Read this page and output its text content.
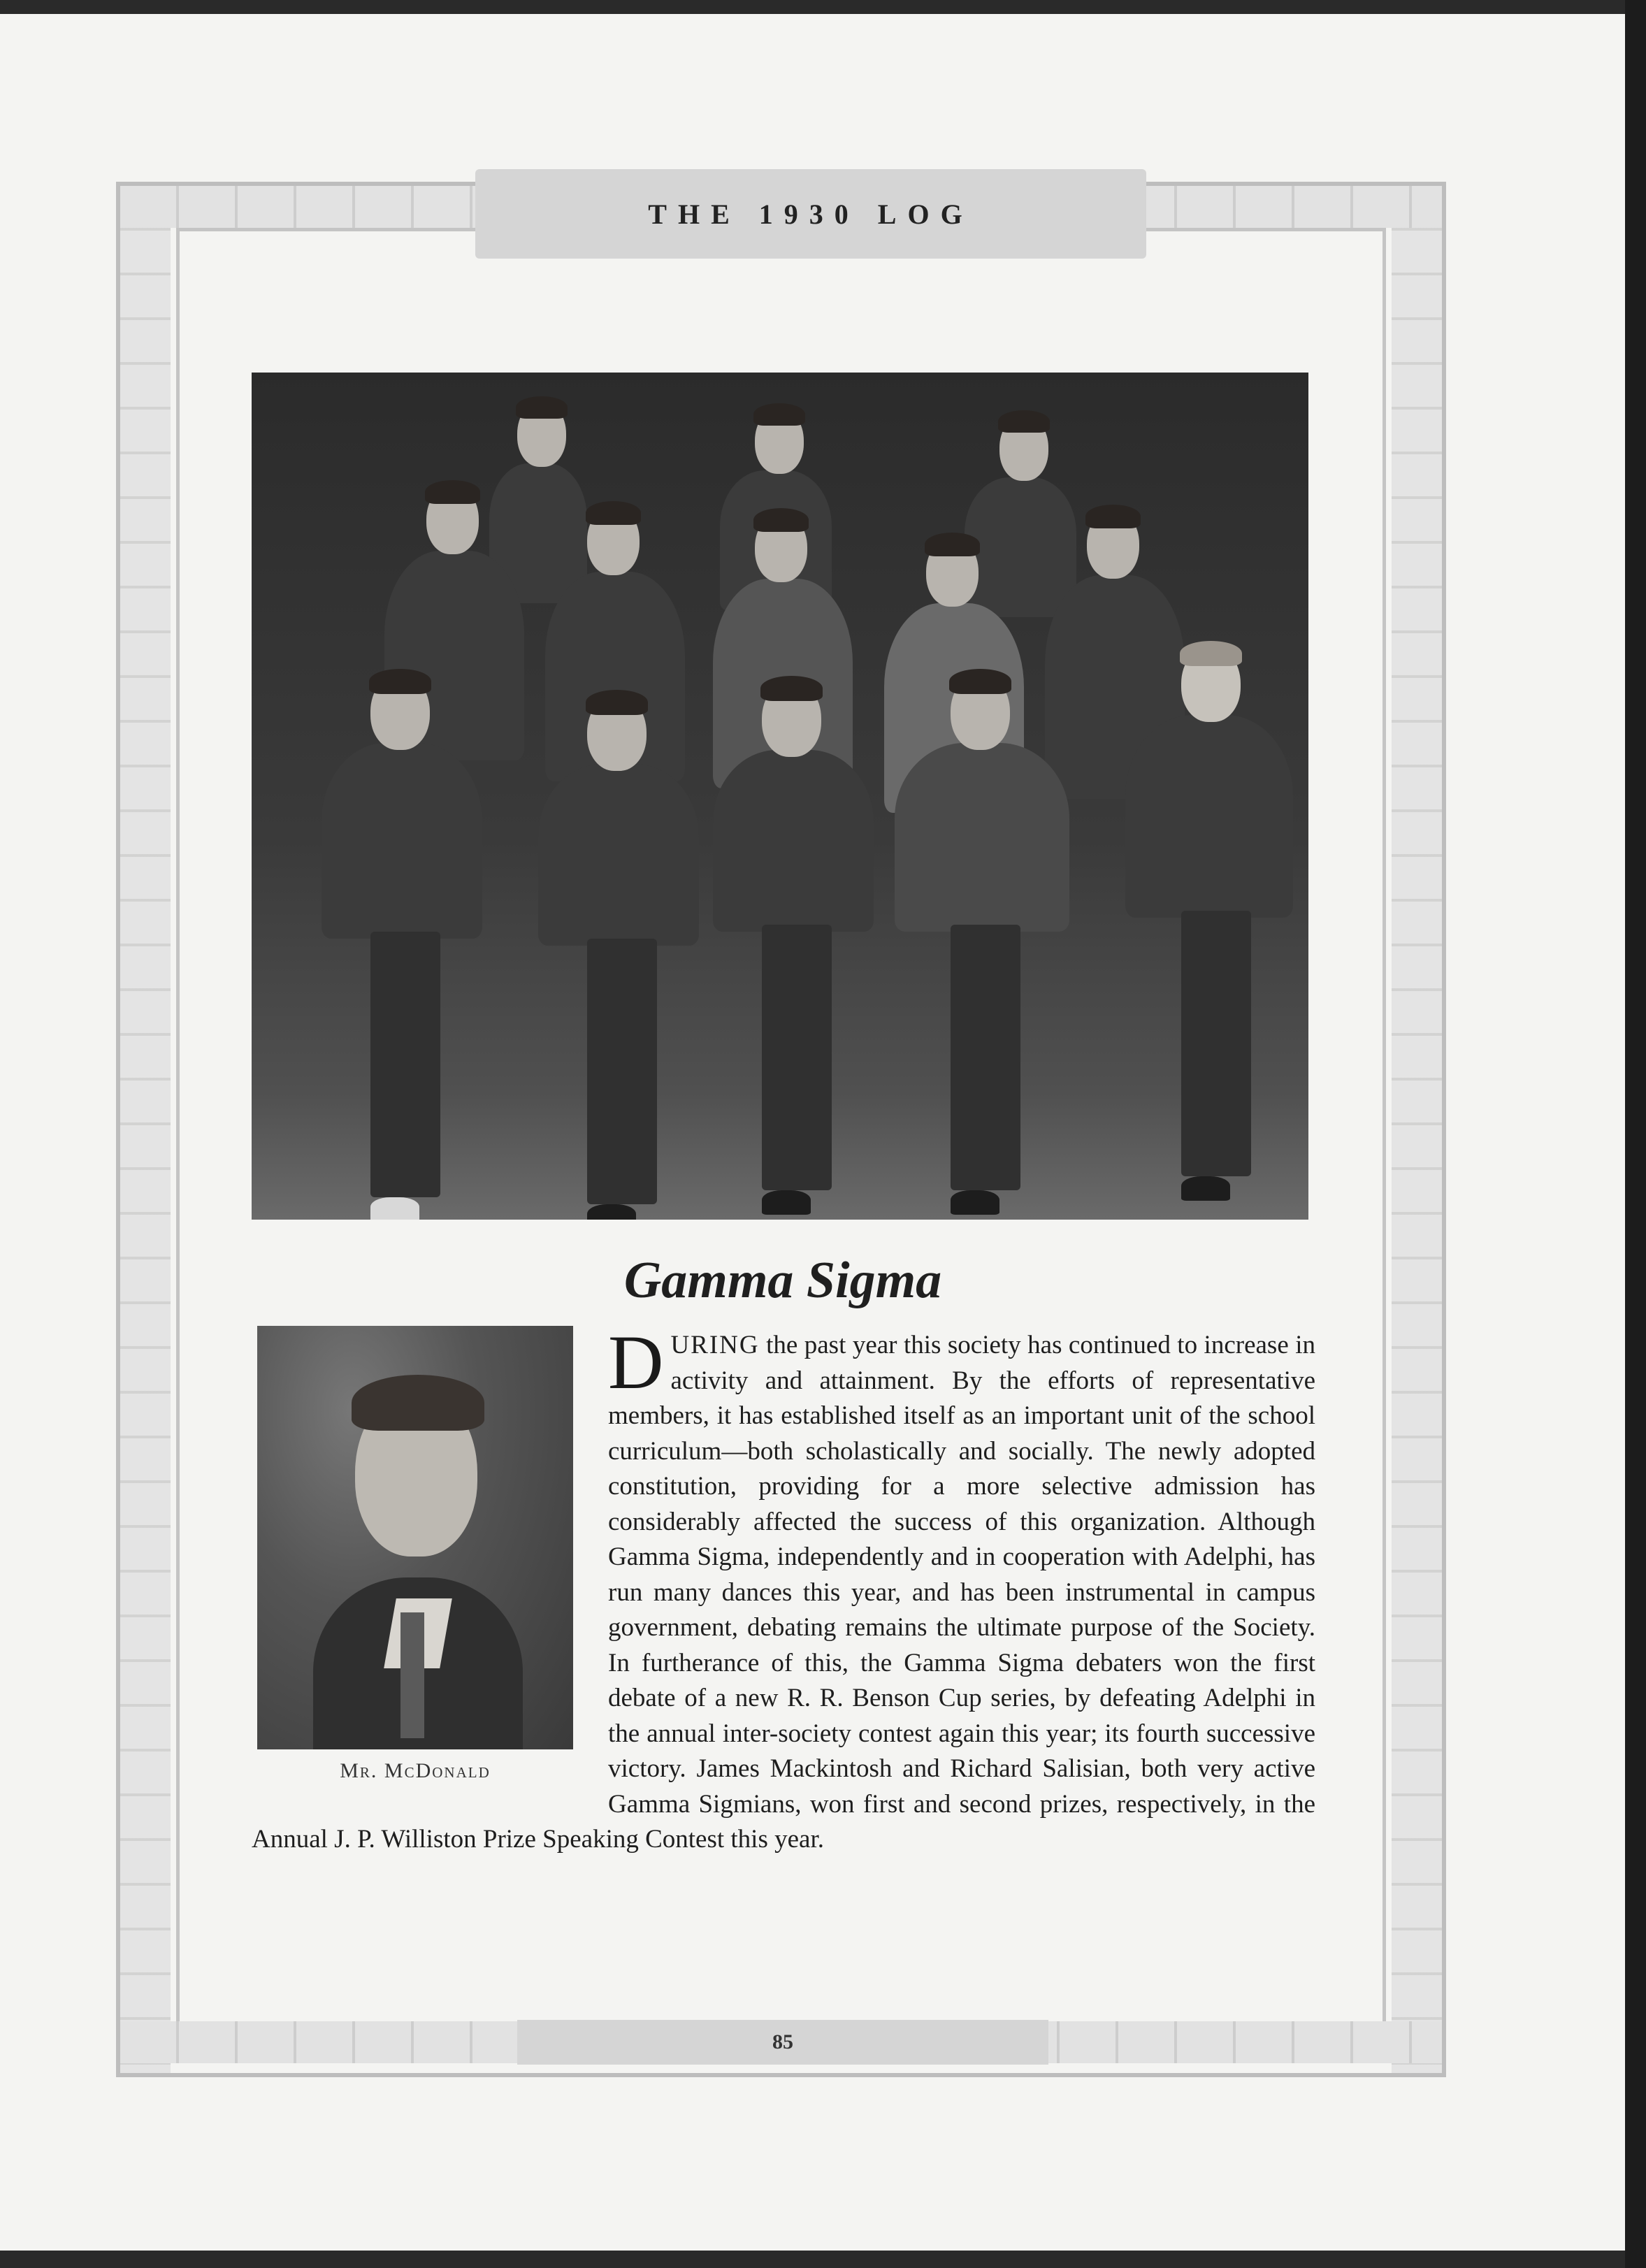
THE 1930 LOG
Gamma Sigma
Mr. McDonald
DURING the past year this society has continued to increase in activity and attainment. By the efforts of representative members, it has established itself as an important unit of the school curriculum—both scholastically and socially. The newly adopted constitution, providing for a more selective admission has considerably affected the success of this organization. Although Gamma Sigma, independently and in cooperation with Adelphi, has run many dances this year, and has been instrumental in campus government, debating remains the ultimate purpose of the Society. In furtherance of this, the Gamma Sigma debaters won the first debate of a new R. R. Benson Cup series, by defeating Adelphi in the annual inter-society contest again this year; its fourth successive victory. James Mackintosh and Richard Salisian, both very active Gamma Sigmians, won first and second prizes, respectively, in the Annual J. P. Williston Prize Speaking Contest this year.
85
